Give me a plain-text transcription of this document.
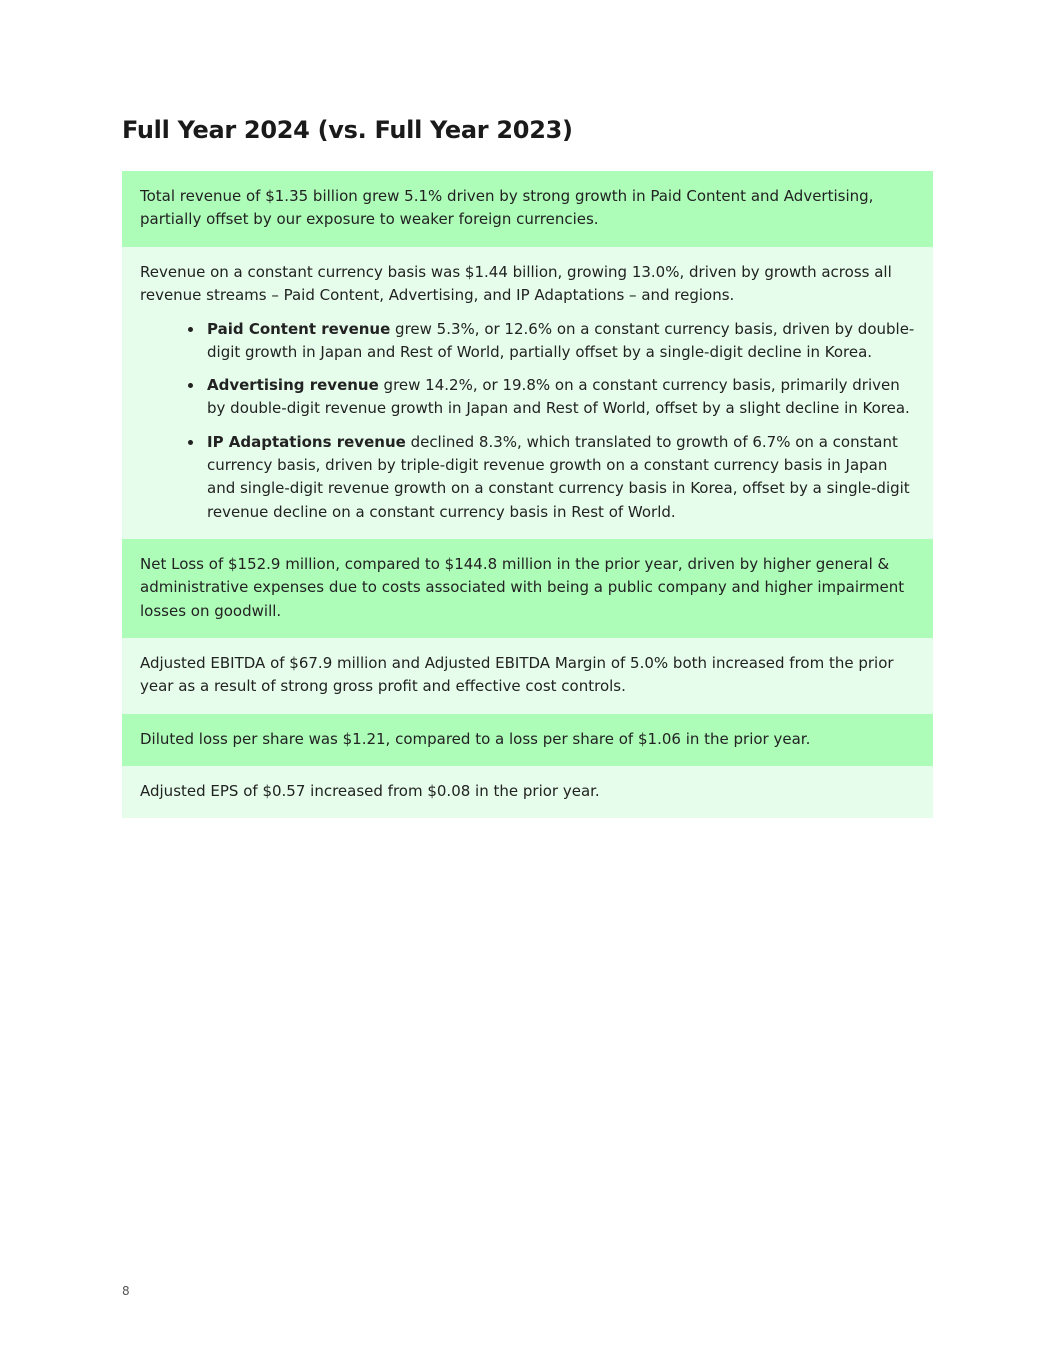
Full Year 2024 (vs. Full Year 2023)

Total revenue of $1.35 billion grew 5.1% driven by strong growth in Paid Content and Advertising, partially offset by our exposure to weaker foreign currencies.

Revenue on a constant currency basis was $1.44 billion, growing 13.0%, driven by growth across all revenue streams – Paid Content, Advertising, and IP Adaptations – and regions.

Paid Content revenue grew 5.3%, or 12.6% on a constant currency basis, driven by double-digit growth in Japan and Rest of World, partially offset by a single-digit decline in Korea.
Advertising revenue grew 14.2%, or 19.8% on a constant currency basis, primarily driven by double-digit revenue growth in Japan and Rest of World, offset by a slight decline in Korea.
IP Adaptations revenue declined 8.3%, which translated to growth of 6.7% on a constant currency basis, driven by triple-digit revenue growth on a constant currency basis in Japan and single-digit revenue growth on a constant currency basis in Korea, offset by a single-digit revenue decline on a constant currency basis in Rest of World.

Net Loss of $152.9 million, compared to $144.8 million in the prior year, driven by higher general & administrative expenses due to costs associated with being a public company and higher impairment losses on goodwill.

Adjusted EBITDA of $67.9 million and Adjusted EBITDA Margin of 5.0% both increased from the prior year as a result of strong gross profit and effective cost controls.

Diluted loss per share was $1.21, compared to a loss per share of $1.06 in the prior year.

Adjusted EPS of $0.57 increased from $0.08 in the prior year.

8
